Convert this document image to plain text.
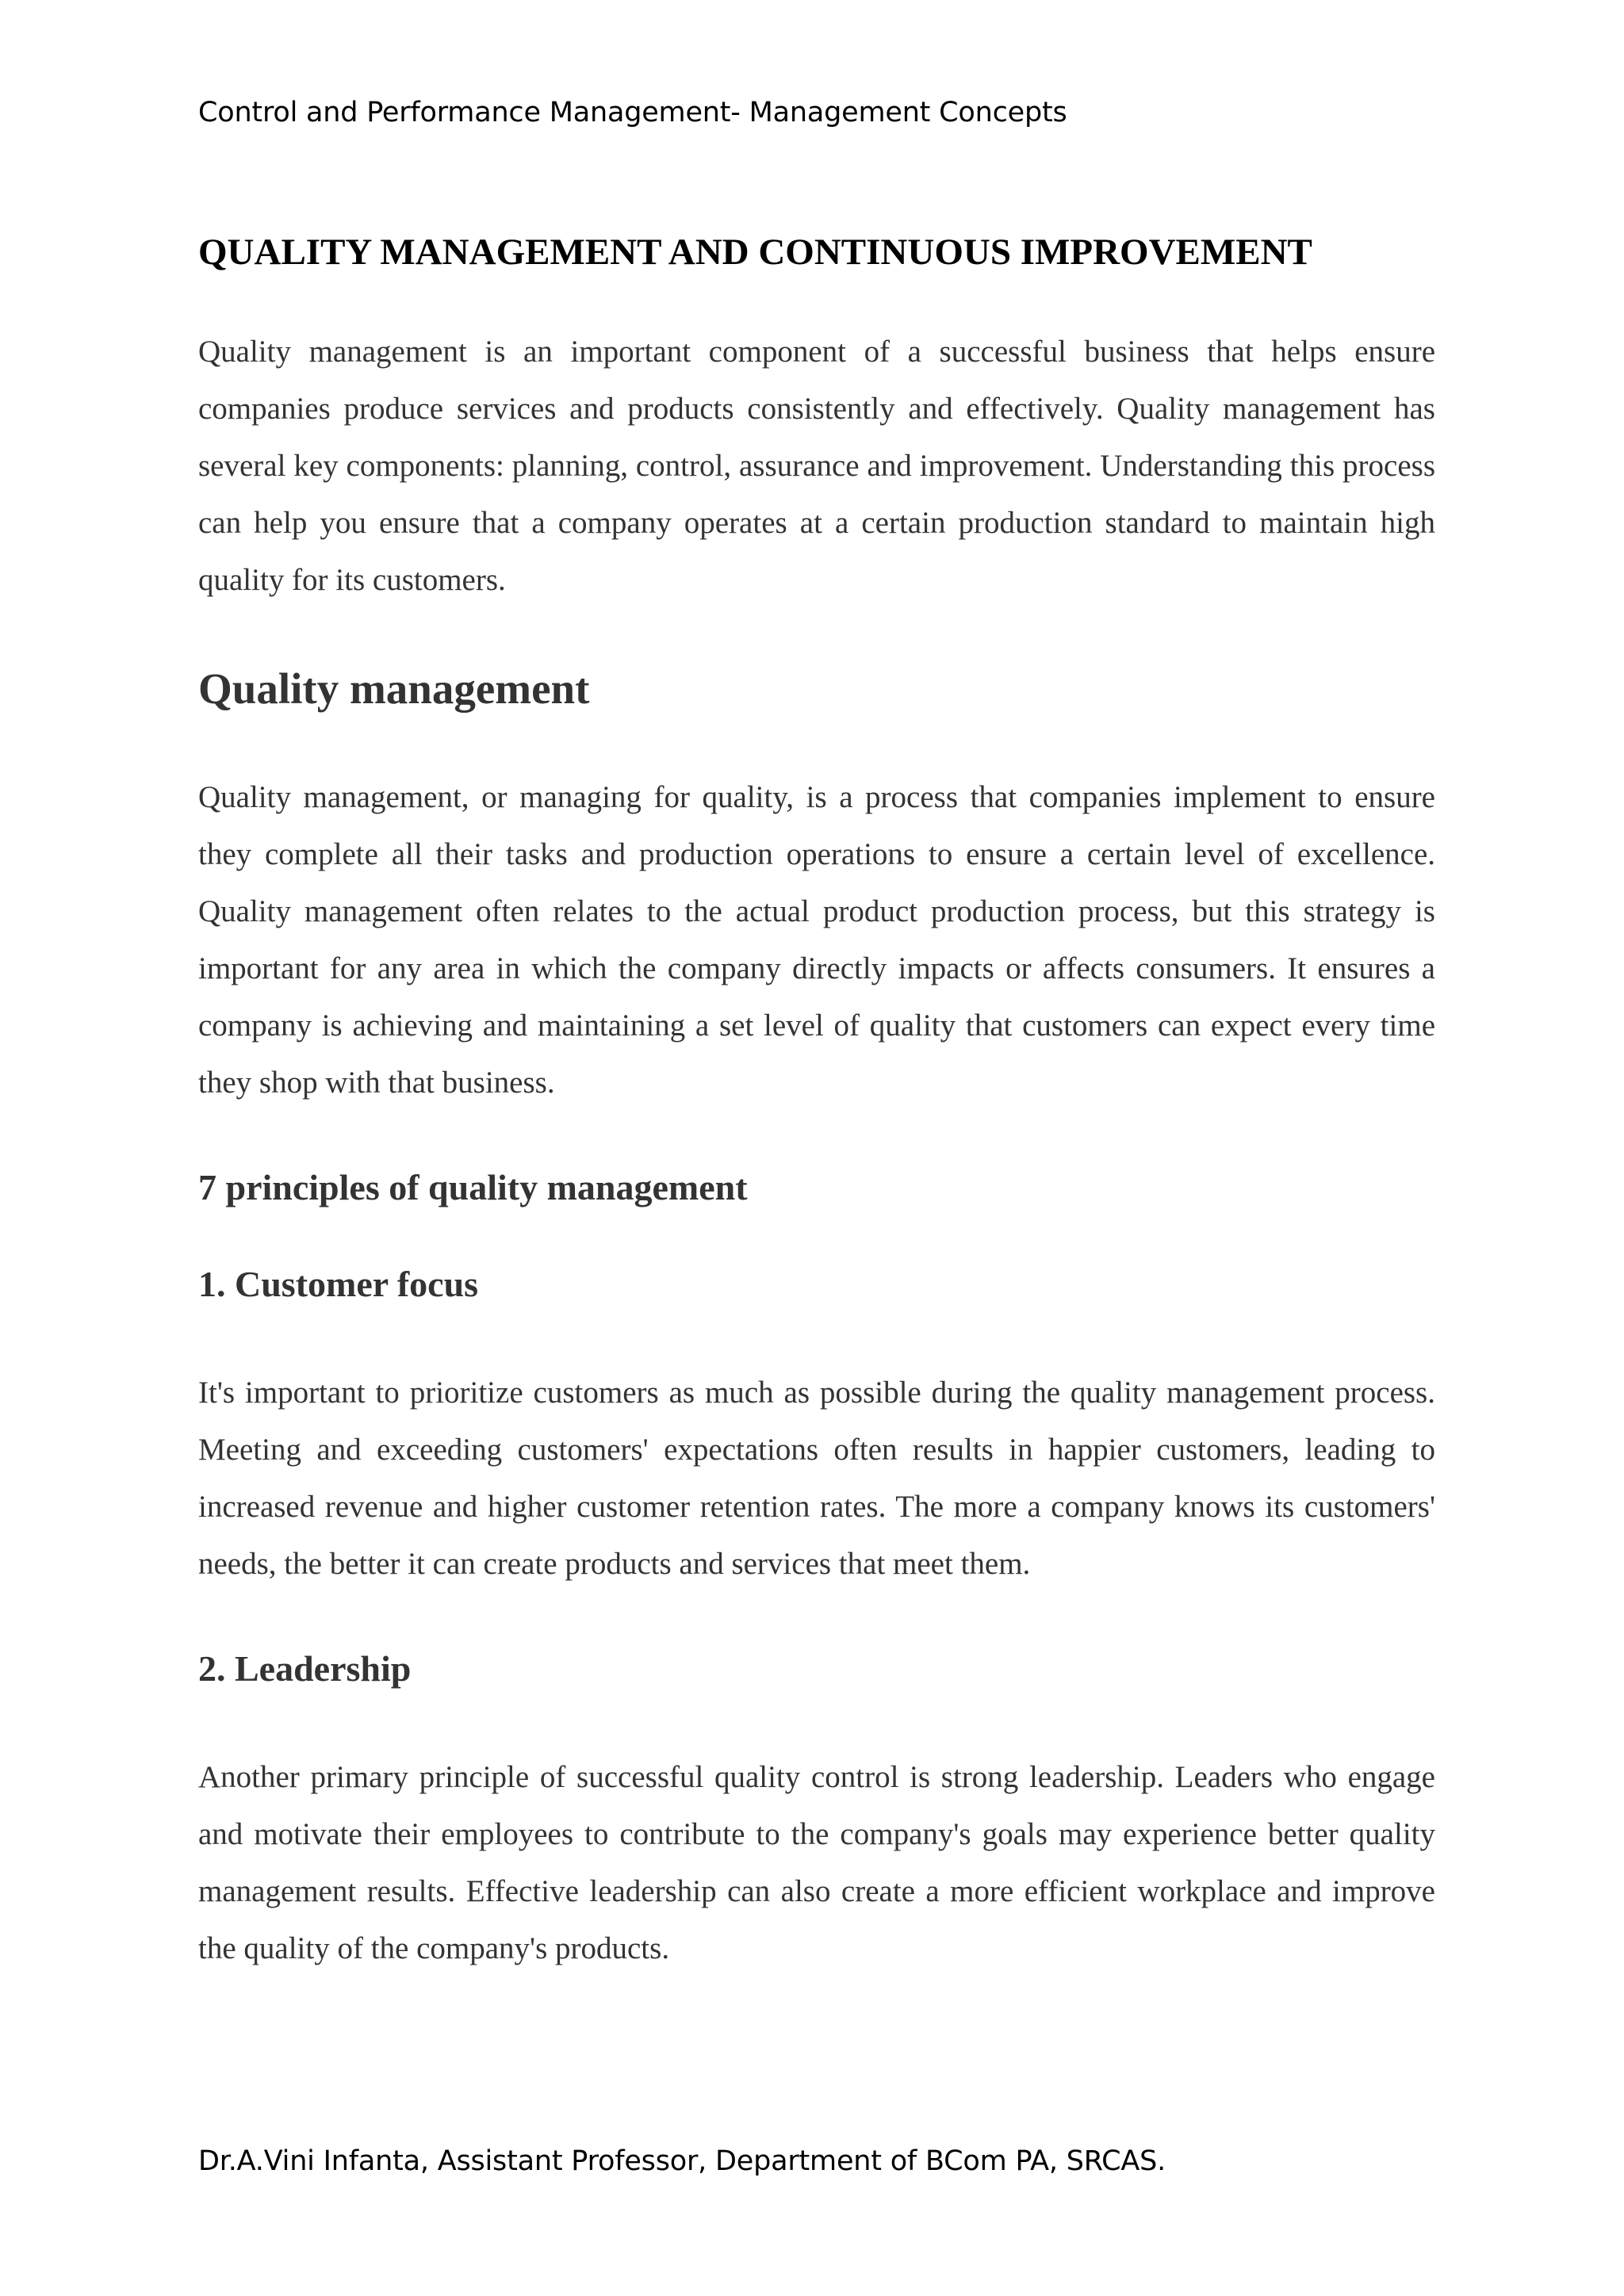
Control and Performance Management- Management Concepts
QUALITY MANAGEMENT AND CONTINUOUS IMPROVEMENT

Quality management is an important component of a successful business that helps ensure companies produce services and products consistently and effectively. Quality management has several key components: planning, control, assurance and improvement. Understanding this process can help you ensure that a company operates at a certain production standard to maintain high quality for its customers.

Quality management

Quality management, or managing for quality, is a process that companies implement to ensure they complete all their tasks and production operations to ensure a certain level of excellence. Quality management often relates to the actual product production process, but this strategy is important for any area in which the company directly impacts or affects consumers. It ensures a company is achieving and maintaining a set level of quality that customers can expect every time they shop with that business.

7 principles of quality management
1. Customer focus

It's important to prioritize customers as much as possible during the quality management process. Meeting and exceeding customers' expectations often results in happier customers, leading to increased revenue and higher customer retention rates. The more a company knows its customers' needs, the better it can create products and services that meet them.

2. Leadership

Another primary principle of successful quality control is strong leadership. Leaders who engage and motivate their employees to contribute to the company's goals may experience better quality management results. Effective leadership can also create a more efficient workplace and improve the quality of the company's products.

Dr.A.Vini Infanta, Assistant Professor, Department of BCom PA, SRCAS.
